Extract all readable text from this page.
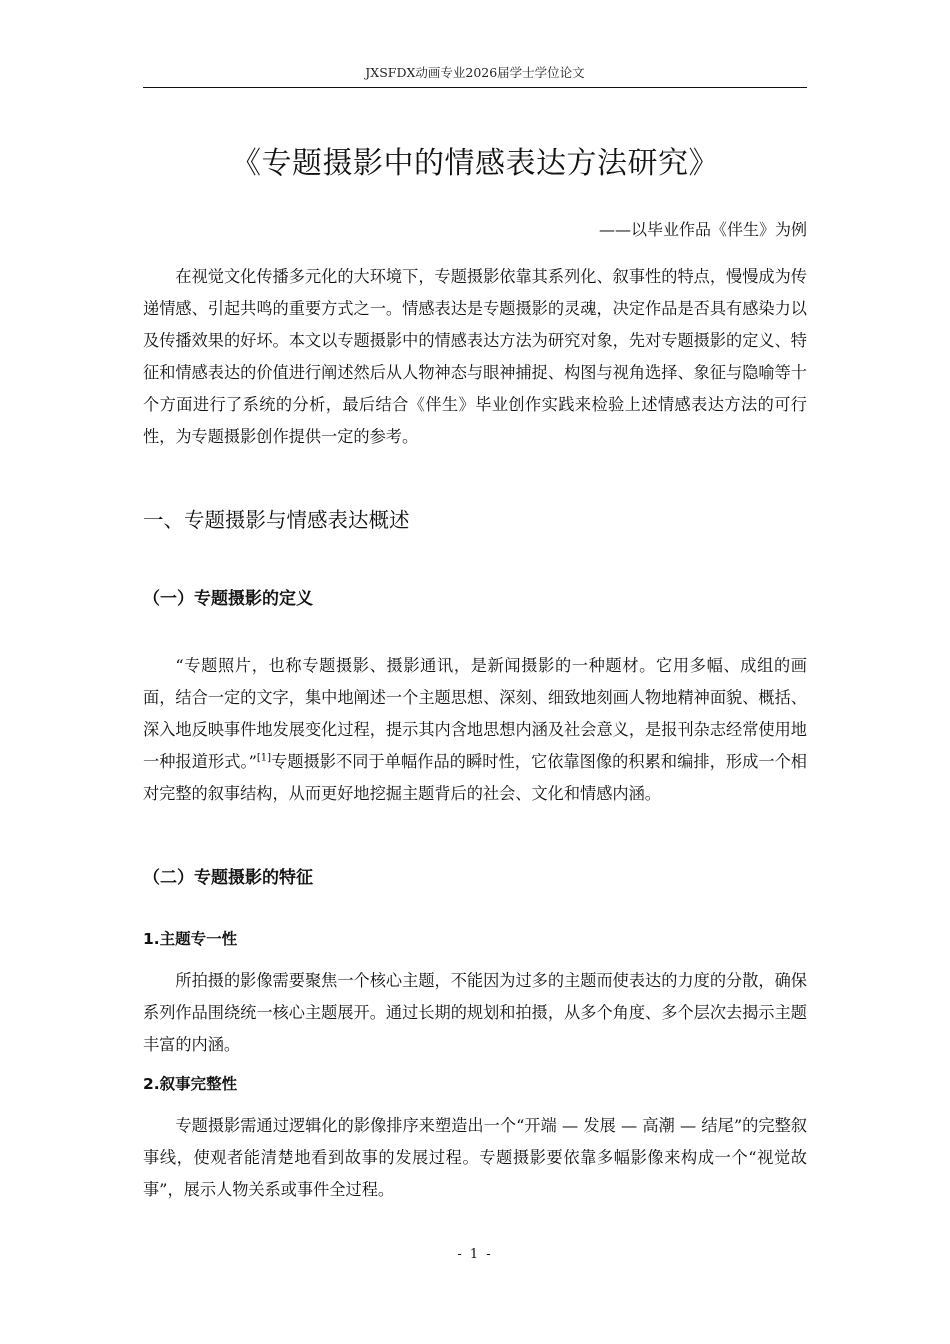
JXSFDX动画专业2026届学士学位论文
《专题摄影中的情感表达方法研究》
——以毕业作品《伴生》为例

在视觉文化传播多元化的大环境下，专题摄影依靠其系列化、叙事性的特点，慢慢成为传递情感、引起共鸣的重要方式之一。情感表达是专题摄影的灵魂，决定作品是否具有感染力以及传播效果的好坏。本文以专题摄影中的情感表达方法为研究对象，先对专题摄影的定义、特征和情感表达的价值进行阐述然后从人物神态与眼神捕捉、构图与视角选择、象征与隐喻等十个方面进行了系统的分析，最后结合《伴生》毕业创作实践来检验上述情感表达方法的可行性，为专题摄影创作提供一定的参考。

一、专题摄影与情感表达概述
（一）专题摄影的定义

“专题照片，也称专题摄影、摄影通讯，是新闻摄影的一种题材。它用多幅、成组的画面，结合一定的文字，集中地阐述一个主题思想、深刻、细致地刻画人物地精神面貌、概括、深入地反映事件地发展变化过程，提示其内含地思想内涵及社会意义，是报刊杂志经常使用地一种报道形式。”[1]专题摄影不同于单幅作品的瞬时性，它依靠图像的积累和编排，形成一个相对完整的叙事结构，从而更好地挖掘主题背后的社会、文化和情感内涵。

（二）专题摄影的特征
1.主题专一性

所拍摄的影像需要聚焦一个核心主题，不能因为过多的主题而使表达的力度的分散，确保系列作品围绕统一核心主题展开。通过长期的规划和拍摄，从多个角度、多个层次去揭示主题丰富的内涵。

2.叙事完整性

专题摄影需通过逻辑化的影像排序来塑造出一个“开端 — 发展 — 高潮 — 结尾”的完整叙事线，使观者能清楚地看到故事的发展过程。专题摄影要依靠多幅影像来构成一个“视觉故事”，展示人物关系或事件全过程。

- 1 -
